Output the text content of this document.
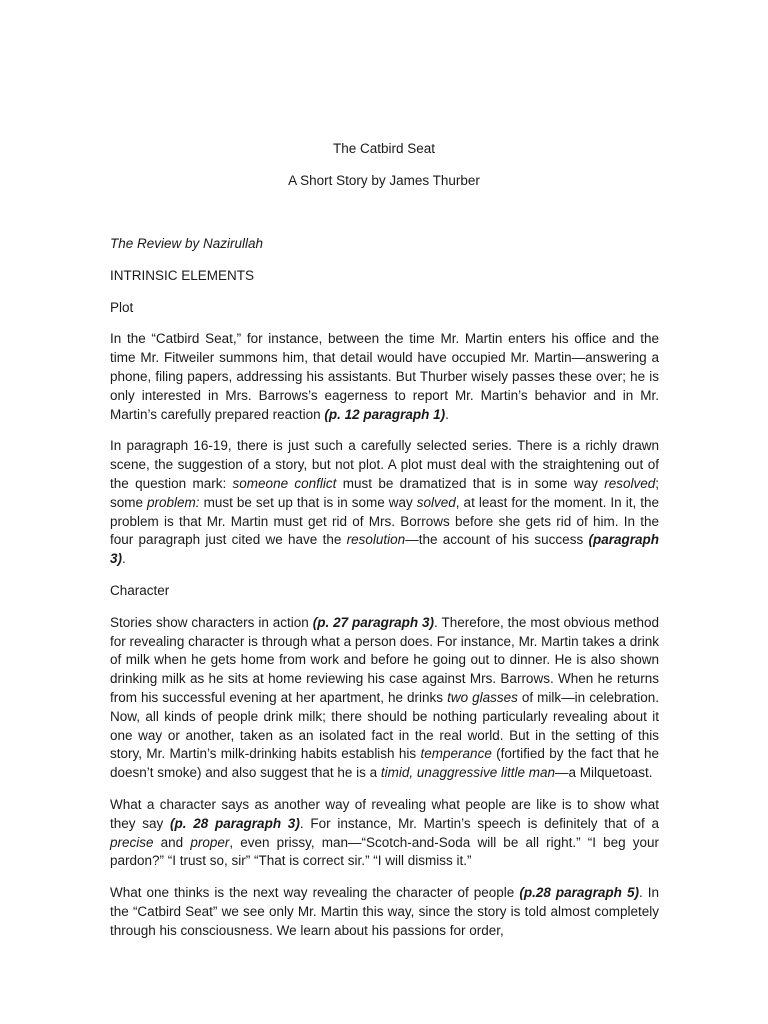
The Catbird Seat

A Short Story by James Thurber

The Review by Nazirullah

INTRINSIC ELEMENTS

Plot

In the “Catbird Seat,” for instance, between the time Mr. Martin enters his office and the time Mr. Fitweiler summons him, that detail would have occupied Mr. Martin—answering a phone, filing papers, addressing his assistants. But Thurber wisely passes these over; he is only interested in Mrs. Barrows’s eagerness to report Mr. Martin’s behavior and in Mr. Martin’s carefully prepared reaction (p. 12 paragraph 1).

In paragraph 16-19, there is just such a carefully selected series. There is a richly drawn scene, the suggestion of a story, but not plot. A plot must deal with the straightening out of the question mark: someone conflict must be dramatized that is in some way resolved; some problem: must be set up that is in some way solved, at least for the moment. In it, the problem is that Mr. Martin must get rid of Mrs. Borrows before she gets rid of him. In the four paragraph just cited we have the resolution—the account of his success (paragraph 3).

Character

Stories show characters in action (p. 27 paragraph 3). Therefore, the most obvious method for revealing character is through what a person does. For instance, Mr. Martin takes a drink of milk when he gets home from work and before he going out to dinner. He is also shown drinking milk as he sits at home reviewing his case against Mrs. Barrows. When he returns from his successful evening at her apartment, he drinks two glasses of milk—in celebration. Now, all kinds of people drink milk; there should be nothing particularly revealing about it one way or another, taken as an isolated fact in the real world. But in the setting of this story, Mr. Martin’s milk-drinking habits establish his temperance (fortified by the fact that he doesn’t smoke) and also suggest that he is a timid, unaggressive little man—a Milquetoast.

What a character says as another way of revealing what people are like is to show what they say (p. 28 paragraph 3). For instance, Mr. Martin’s speech is definitely that of a precise and proper, even prissy, man—“Scotch-and-Soda will be all right.” “I beg your pardon?” “I trust so, sir” “That is correct sir.” “I will dismiss it.”

What one thinks is the next way revealing the character of people (p.28 paragraph 5). In the “Catbird Seat” we see only Mr. Martin this way, since the story is told almost completely through his consciousness. We learn about his passions for order,
